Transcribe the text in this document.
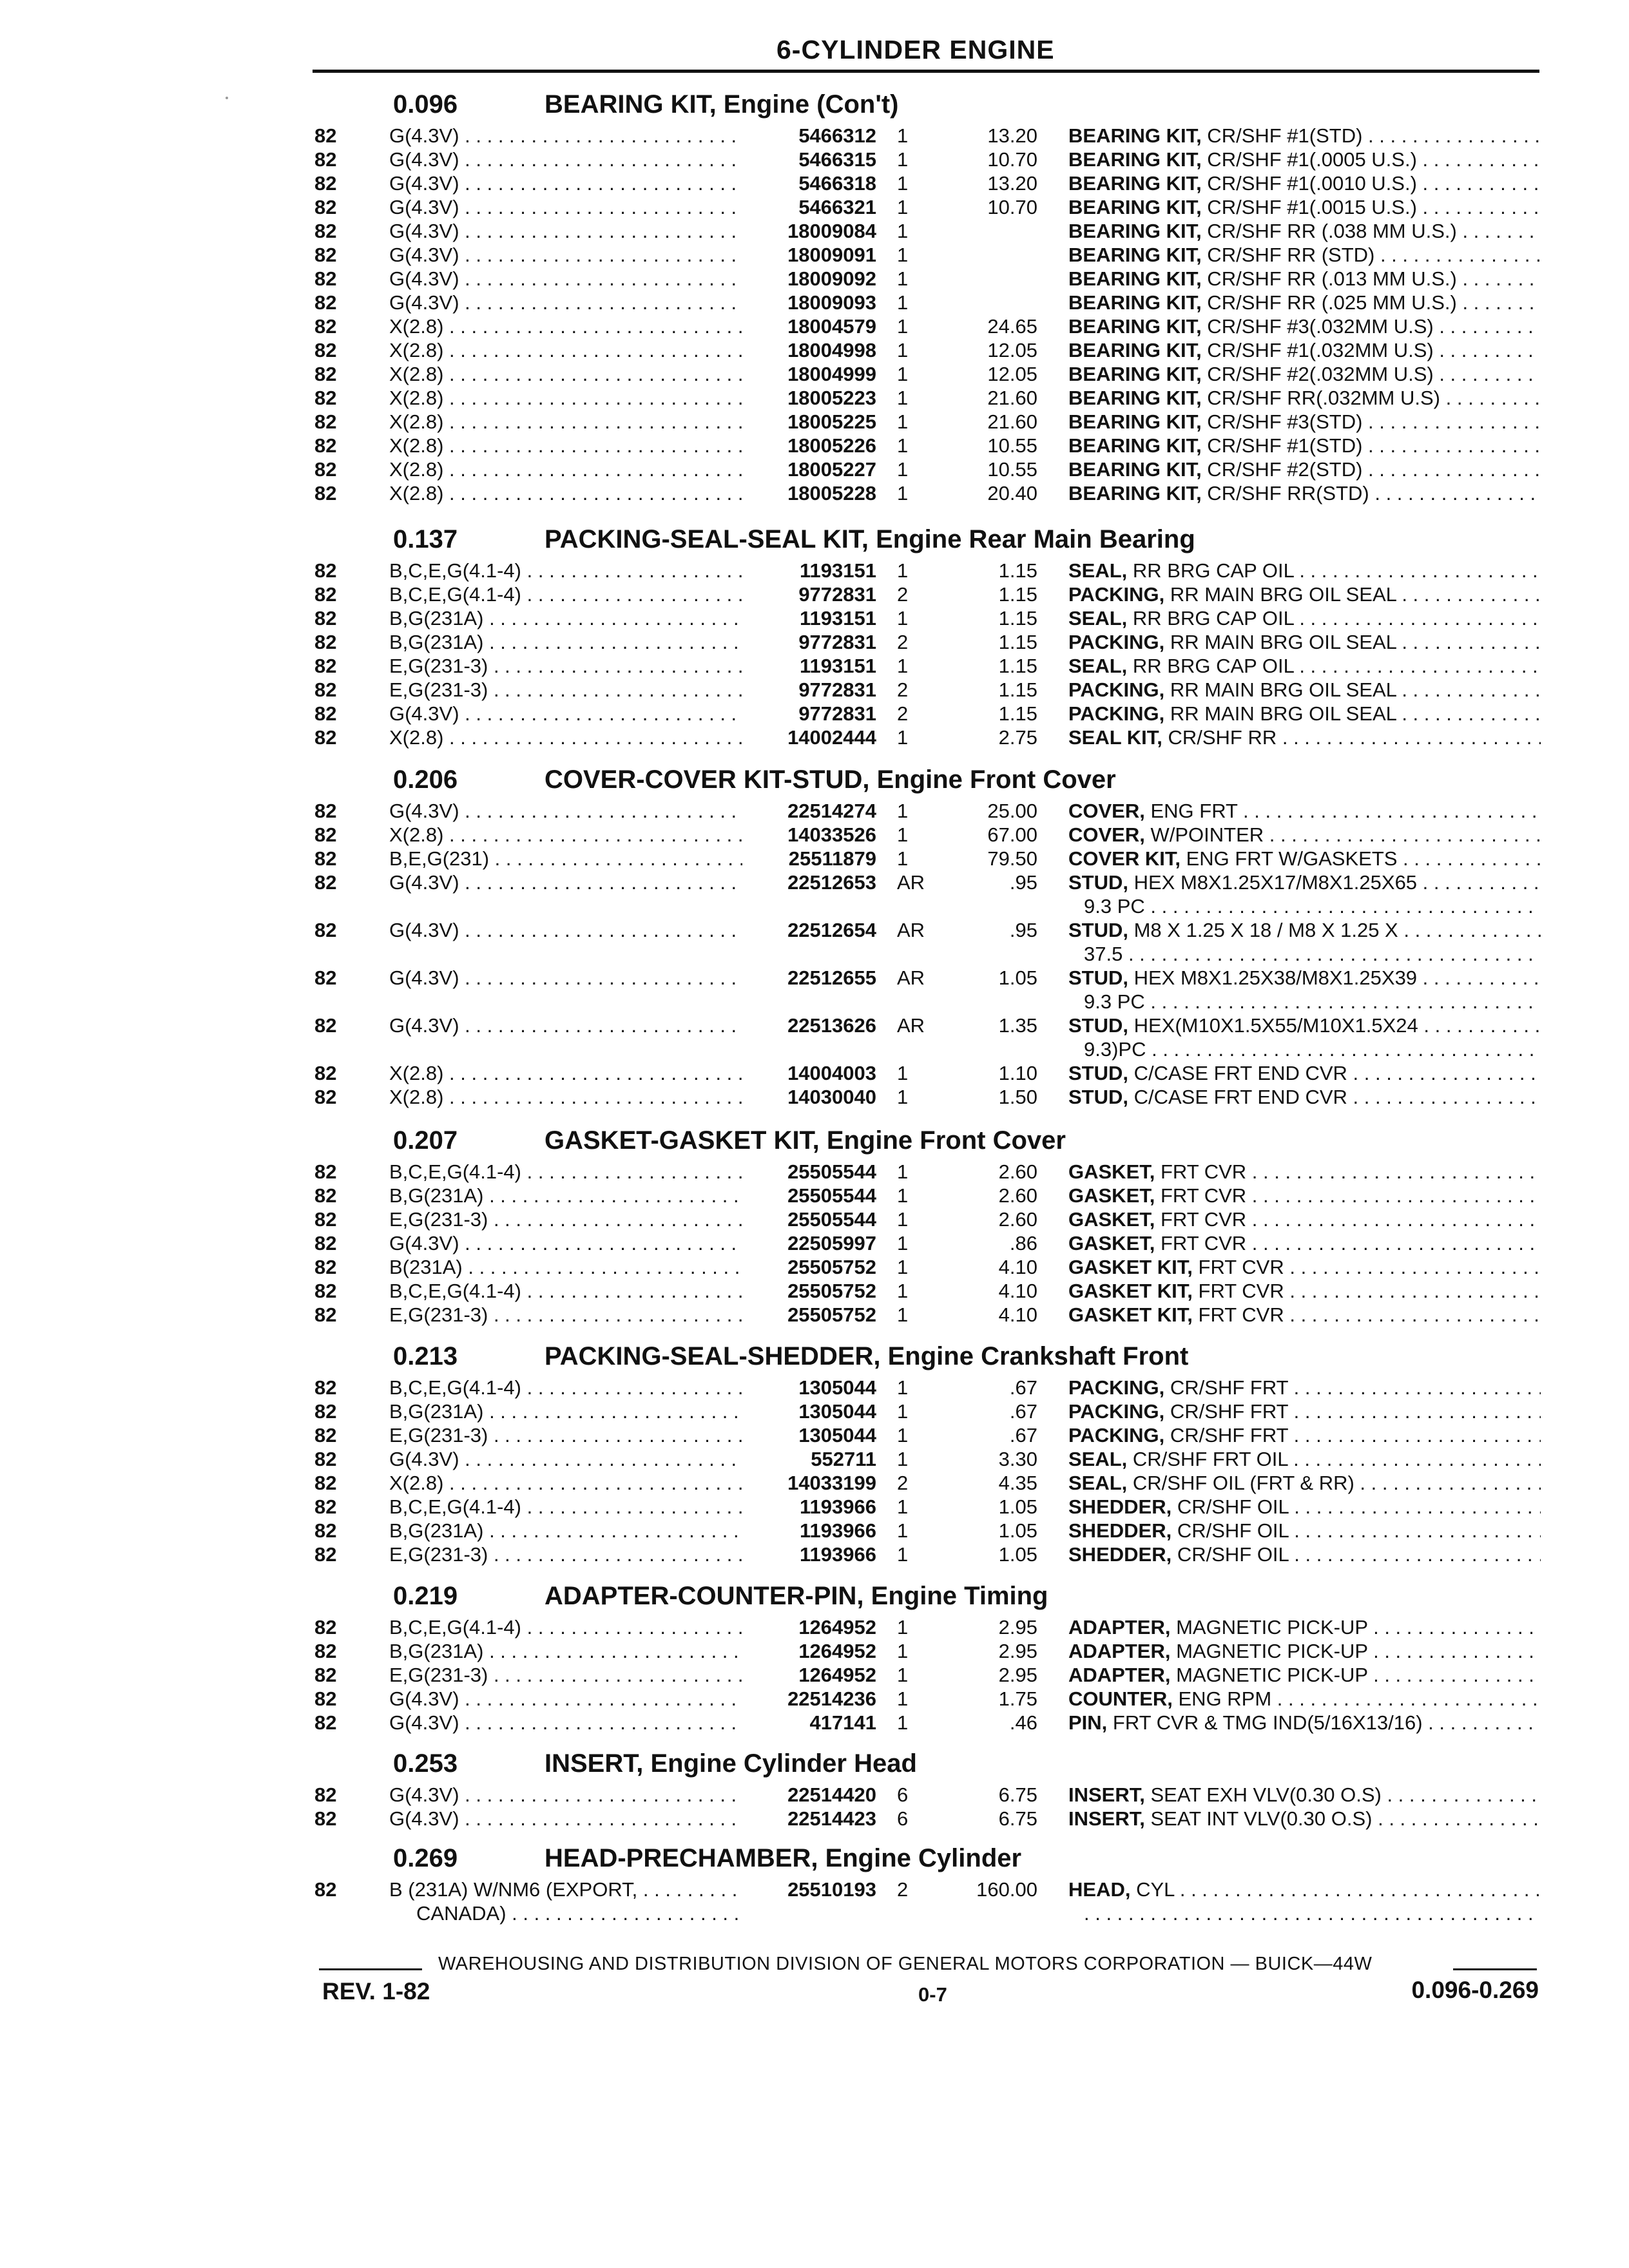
6-CYLINDER ENGINE
0.096	BEARING KIT, Engine (Con't)
82	G(4.3V) . . .	5466312 1	13.20 BEARING KIT, CR/SHF #1(STD) . . .
82	G(4.3V) . . .	5466315 1	10.70 BEARING KIT, CR/SHF #1(.0005 U.S.) . . .
82	G(4.3V) . . .	5466318 1	13.20 BEARING KIT, CR/SHF #1(.0010 U.S.) . . .
82	G(4.3V) . . .	5466321 1	10.70 BEARING KIT, CR/SHF #1(.0015 U.S.) . . .
82	G(4.3V) . . .	18009084 1	BEARING KIT, CR/SHF RR (.038 MM U.S.) . . .
82	G(4.3V) . . .	18009091 1	BEARING KIT, CR/SHF RR (STD) . . .
82	G(4.3V) . . .	18009092 1	BEARING KIT, CR/SHF RR (.013 MM U.S.) . . .
82	G(4.3V) . . .	18009093 1	BEARING KIT, CR/SHF RR (.025 MM U.S.) . . .
82	X(2.8) . . .	18004579 1	24.65 BEARING KIT, CR/SHF #3(.032MM U.S) . . .
82	X(2.8) . . .	18004998 1	12.05 BEARING KIT, CR/SHF #1(.032MM U.S) . . .
82	X(2.8) . . .	18004999 1	12.05 BEARING KIT, CR/SHF #2(.032MM U.S) . . .
82	X(2.8) . . .	18005223 1	21.60 BEARING KIT, CR/SHF RR(.032MM U.S) . . .
82	X(2.8) . . .	18005225 1	21.60 BEARING KIT, CR/SHF #3(STD) . . .
82	X(2.8) . . .	18005226 1	10.55 BEARING KIT, CR/SHF #1(STD) . . .
82	X(2.8) . . .	18005227 1	10.55 BEARING KIT, CR/SHF #2(STD) . . .
82	X(2.8) . . .	18005228 1	20.40 BEARING KIT, CR/SHF RR(STD) . . .
0.137	PACKING-SEAL-SEAL KIT, Engine Rear Main Bearing
82	B,C,E,G(4.1-4) . . .	1193151 1	1.15 SEAL, RR BRG CAP OIL . . .
82	B,C,E,G(4.1-4) . . .	9772831 2	1.15 PACKING, RR MAIN BRG OIL SEAL . . .
82	B,G(231A) . . .	1193151 1	1.15 SEAL, RR BRG CAP OIL . . .
82	B,G(231A) . . .	9772831 2	1.15 PACKING, RR MAIN BRG OIL SEAL . . .
82	E,G(231-3) . . .	1193151 1	1.15 SEAL, RR BRG CAP OIL . . .
82	E,G(231-3) . . .	9772831 2	1.15 PACKING, RR MAIN BRG OIL SEAL . . .
82	G(4.3V) . . .	9772831 2	1.15 PACKING, RR MAIN BRG OIL SEAL . . .
82	X(2.8) . . .	14002444 1	2.75 SEAL KIT, CR/SHF RR . . .
0.206	COVER-COVER KIT-STUD, Engine Front Cover
82	G(4.3V) . . .	22514274 1	25.00 COVER, ENG FRT . . .
82	X(2.8) . . .	14033526 1	67.00 COVER, W/POINTER . . .
82	B,E,G(231) . . .	25511879 1	79.50 COVER KIT, ENG FRT W/GASKETS . . .
82	G(4.3V) . . .	22512653 AR	.95 STUD, HEX M8X1.25X17/M8X1.25X65 . . .
9.3 PC . . .
82	G(4.3V) . . .	22512654 AR	.95 STUD, M8 X 1.25 X 18 / M8 X 1.25 X . . .
37.5 . . .
82	G(4.3V) . . .	22512655 AR	1.05 STUD, HEX M8X1.25X38/M8X1.25X39 . . .
9.3 PC . . .
82	G(4.3V) . . .	22513626 AR	1.35 STUD, HEX(M10X1.5X55/M10X1.5X24 . . .
9.3)PC . . .
82	X(2.8) . . .	14004003 1	1.10 STUD, C/CASE FRT END CVR . . .
82	X(2.8) . . .	14030040 1	1.50 STUD, C/CASE FRT END CVR . . .
0.207	GASKET-GASKET KIT, Engine Front Cover
82	B,C,E,G(4.1-4) . . .	25505544 1	2.60 GASKET, FRT CVR . . .
82	B,G(231A) . . .	25505544 1	2.60 GASKET, FRT CVR . . .
82	E,G(231-3) . . .	25505544 1	2.60 GASKET, FRT CVR . . .
82	G(4.3V) . . .	22505997 1	.86 GASKET, FRT CVR . . .
82	B(231A) . . .	25505752 1	4.10 GASKET KIT, FRT CVR . . .
82	B,C,E,G(4.1-4) . . .	25505752 1	4.10 GASKET KIT, FRT CVR . . .
82	E,G(231-3) . . .	25505752 1	4.10 GASKET KIT, FRT CVR . . .
0.213	PACKING-SEAL-SHEDDER, Engine Crankshaft Front
82	B,C,E,G(4.1-4) . . .	1305044 1	.67 PACKING, CR/SHF FRT . . .
82	B,G(231A) . . .	1305044 1	.67 PACKING, CR/SHF FRT . . .
82	E,G(231-3) . . .	1305044 1	.67 PACKING, CR/SHF FRT . . .
82	G(4.3V) . . .	552711 1	3.30 SEAL, CR/SHF FRT OIL . . .
82	X(2.8) . . .	14033199 2	4.35 SEAL, CR/SHF OIL (FRT & RR) . . .
82	B,C,E,G(4.1-4) . . .	1193966 1	1.05 SHEDDER, CR/SHF OIL . . .
82	B,G(231A) . . .	1193966 1	1.05 SHEDDER, CR/SHF OIL . . .
82	E,G(231-3) . . .	1193966 1	1.05 SHEDDER, CR/SHF OIL . . .
0.219	ADAPTER-COUNTER-PIN, Engine Timing
82	B,C,E,G(4.1-4) . . .	1264952 1	2.95 ADAPTER, MAGNETIC PICK-UP . . .
82	B,G(231A) . . .	1264952 1	2.95 ADAPTER, MAGNETIC PICK-UP . . .
82	E,G(231-3) . . .	1264952 1	2.95 ADAPTER, MAGNETIC PICK-UP . . .
82	G(4.3V) . . .	22514236 1	1.75 COUNTER, ENG RPM . . .
82	G(4.3V) . . .	417141 1	.46 PIN, FRT CVR & TMG IND(5/16X13/16) . . .
0.253	INSERT, Engine Cylinder Head
82	G(4.3V) . . .	22514420 6	6.75 INSERT, SEAT EXH VLV(0.30 O.S) . . .
82	G(4.3V) . . .	22514423 6	6.75 INSERT, SEAT INT VLV(0.30 O.S) . . .
0.269	HEAD-PRECHAMBER, Engine Cylinder
82	B (231A) W/NM6 (EXPORT, . . .	25510193 2	160.00 HEAD, CYL . . .
CANADA) . . .
. . .
WAREHOUSING AND DISTRIBUTION DIVISION OF GENERAL MOTORS CORPORATION — BUICK—44W
REV. 1-82	0-7	0.096-0.269
